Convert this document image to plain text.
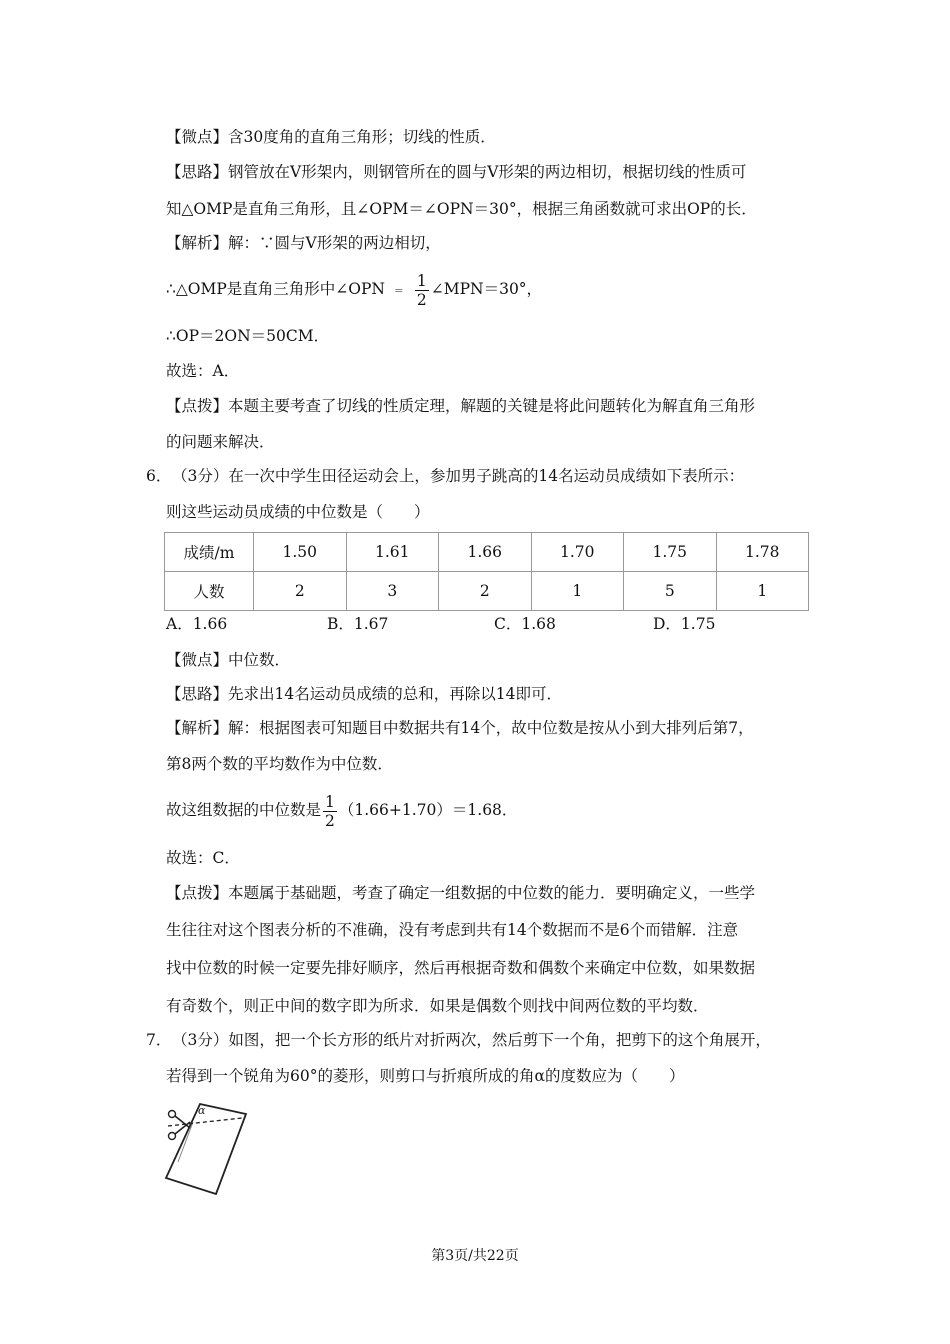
【微点】含30度角的直角三角形；切线的性质．
【思路】钢管放在V形架内，则钢管所在的圆与V形架的两边相切，根据切线的性质可
知△OMP是直角三角形，且∠OPM＝∠OPN＝30°，根据三角函数就可求出OP的长．
【解析】解：∵圆与V形架的两边相切，
∴△OMP是直角三角形中∠OPN ＝ $\frac{1}{2}$ ∠MPN＝30°，
∴OP＝2ON＝50CM．
故选：A．
【点拨】本题主要考查了切线的性质定理，解题的关键是将此问题转化为解直角三角形
的问题来解决．
6． （3分）在一次中学生田径运动会上，参加男子跳高的14名运动员成绩如下表所示：
则这些运动员成绩的中位数是（　　）
成绩/m	1.50	1.61	1.66	1.70	1.75	1.78
人数	2	3	2	1	5	1
A．1.66	B．1.67	C．1.68	D．1.75
【微点】中位数．
【思路】先求出14名运动员成绩的总和，再除以14即可．
【解析】解：根据图表可知题目中数据共有14个，故中位数是按从小到大排列后第7，
第8两个数的平均数作为中位数．
故这组数据的中位数是 $\frac{1}{2} (1.66+1.70)=1.68$．
故选：C．
【点拨】本题属于基础题，考查了确定一组数据的中位数的能力．要明确定义，一些学
生往往对这个图表分析的不准确，没有考虑到共有14个数据而不是6个而错解．注意
找中位数的时候一定要先排好顺序，然后再根据奇数和偶数个来确定中位数，如果数据
有奇数个，则正中间的数字即为所求．如果是偶数个则找中间两位数的平均数．
7． （3分）如图，把一个长方形的纸片对折两次，然后剪下一个角，把剪下的这个角展开，
若得到一个锐角为60°的菱形，则剪口与折痕所成的角α的度数应为（　　）
α
第3页/共22页
